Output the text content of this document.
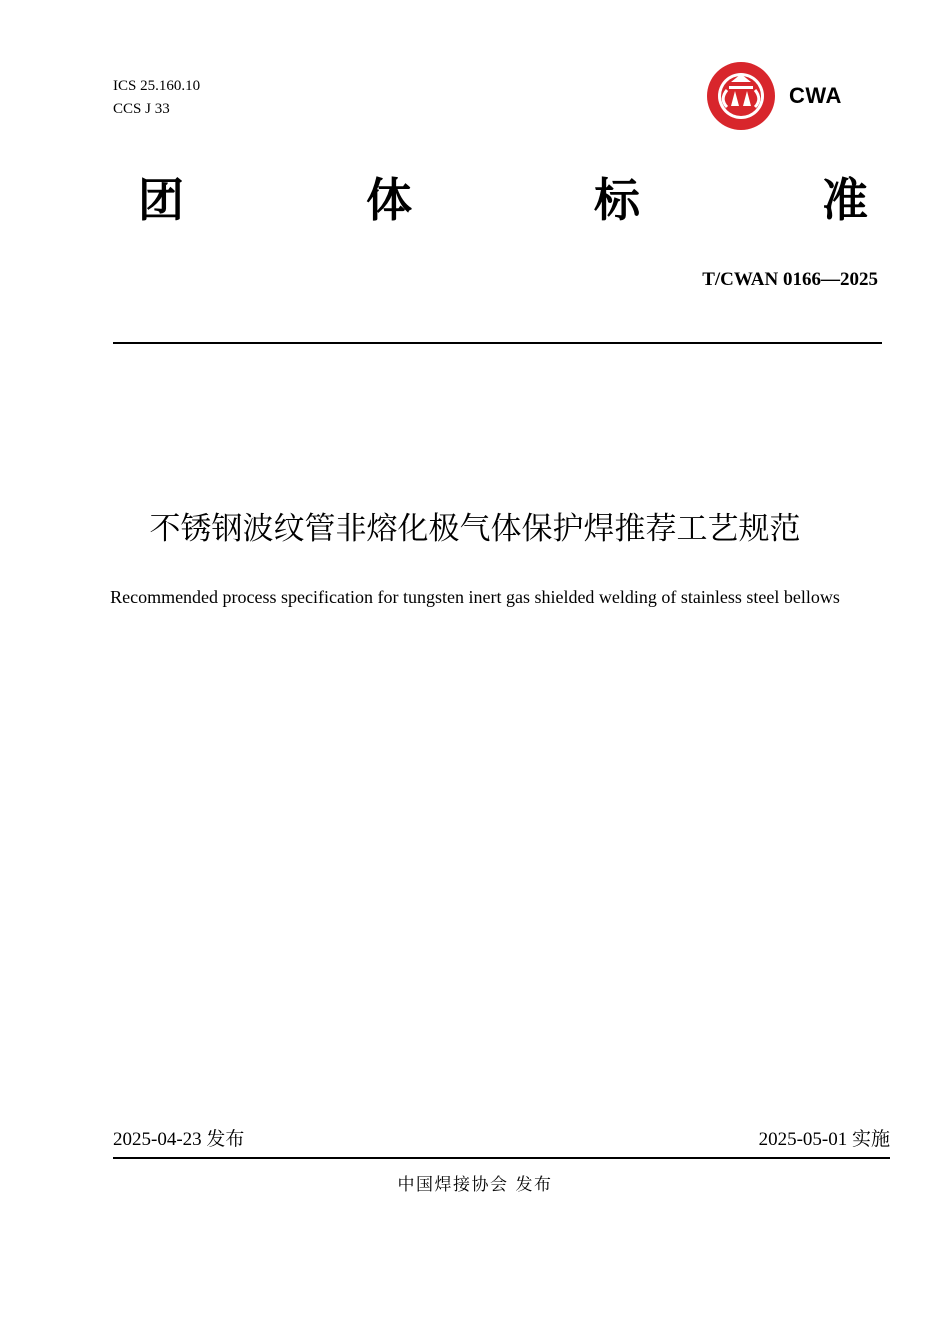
ICS 25.160.10
CCS J 33
CWA
团	体	标	准
T/CWAN 0166—2025
不锈钢波纹管非熔化极气体保护焊推荐工艺规范
Recommended process specification for tungsten inert gas shielded welding of stainless steel bellows
2025-04-23 发布	2025-05-01 实施
中国焊接协会 发布
